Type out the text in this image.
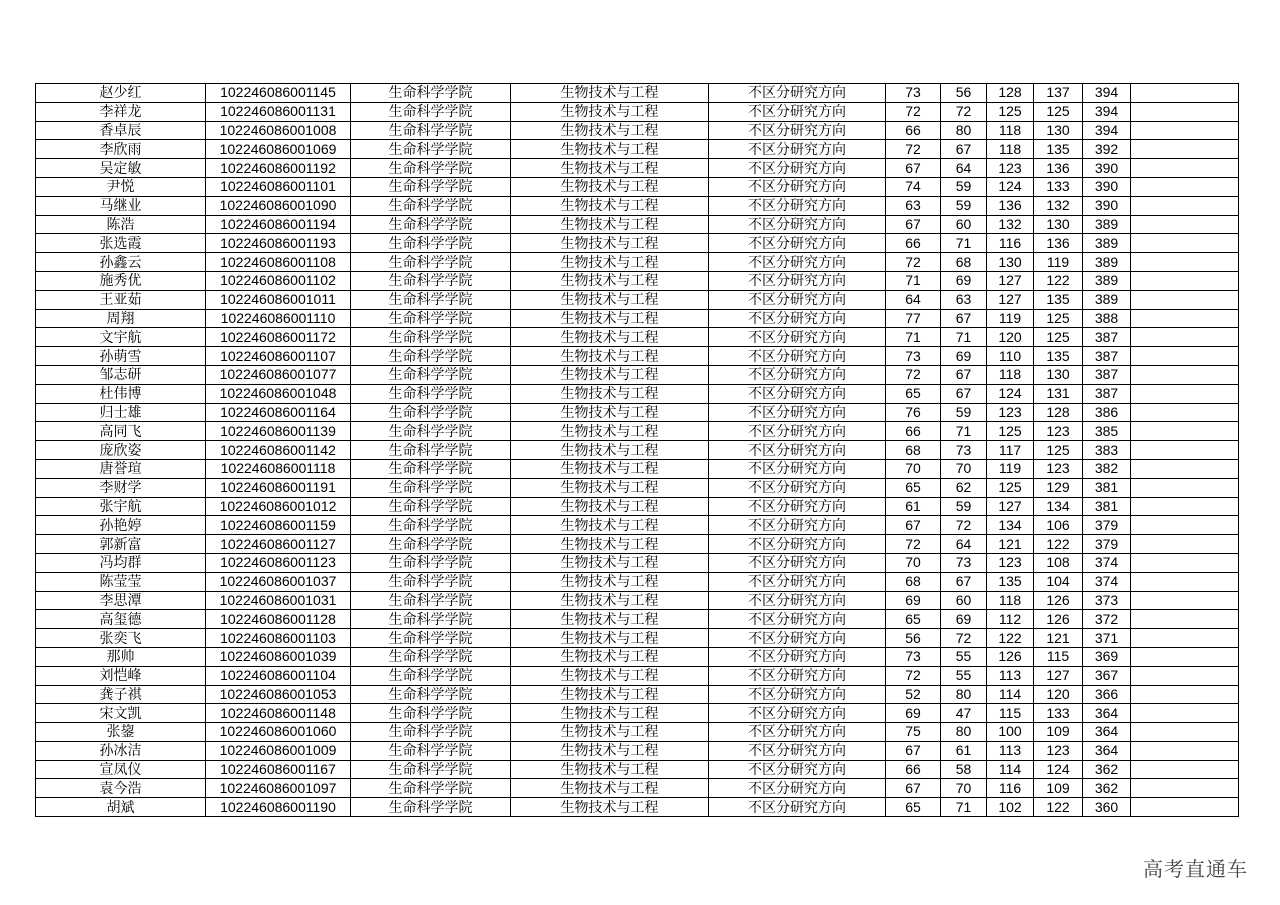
赵少红	102246086001145	生命科学学院	生物技术与工程	不区分研究方向	73	56	128	137	394	
李祥龙	102246086001131	生命科学学院	生物技术与工程	不区分研究方向	72	72	125	125	394	
香卓辰	102246086001008	生命科学学院	生物技术与工程	不区分研究方向	66	80	118	130	394	
李欣雨	102246086001069	生命科学学院	生物技术与工程	不区分研究方向	72	67	118	135	392	
吴定敏	102246086001192	生命科学学院	生物技术与工程	不区分研究方向	67	64	123	136	390	
尹悦	102246086001101	生命科学学院	生物技术与工程	不区分研究方向	74	59	124	133	390	
马继业	102246086001090	生命科学学院	生物技术与工程	不区分研究方向	63	59	136	132	390	
陈浩	102246086001194	生命科学学院	生物技术与工程	不区分研究方向	67	60	132	130	389	
张选霞	102246086001193	生命科学学院	生物技术与工程	不区分研究方向	66	71	116	136	389	
孙鑫云	102246086001108	生命科学学院	生物技术与工程	不区分研究方向	72	68	130	119	389	
施秀优	102246086001102	生命科学学院	生物技术与工程	不区分研究方向	71	69	127	122	389	
王亚茹	102246086001011	生命科学学院	生物技术与工程	不区分研究方向	64	63	127	135	389	
周翔	102246086001110	生命科学学院	生物技术与工程	不区分研究方向	77	67	119	125	388	
文宇航	102246086001172	生命科学学院	生物技术与工程	不区分研究方向	71	71	120	125	387	
孙萌雪	102246086001107	生命科学学院	生物技术与工程	不区分研究方向	73	69	110	135	387	
邹志研	102246086001077	生命科学学院	生物技术与工程	不区分研究方向	72	67	118	130	387	
杜伟博	102246086001048	生命科学学院	生物技术与工程	不区分研究方向	65	67	124	131	387	
归士雄	102246086001164	生命科学学院	生物技术与工程	不区分研究方向	76	59	123	128	386	
高同飞	102246086001139	生命科学学院	生物技术与工程	不区分研究方向	66	71	125	123	385	
庞欣姿	102246086001142	生命科学学院	生物技术与工程	不区分研究方向	68	73	117	125	383	
唐誉瑄	102246086001118	生命科学学院	生物技术与工程	不区分研究方向	70	70	119	123	382	
李财学	102246086001191	生命科学学院	生物技术与工程	不区分研究方向	65	62	125	129	381	
张宇航	102246086001012	生命科学学院	生物技术与工程	不区分研究方向	61	59	127	134	381	
孙艳婷	102246086001159	生命科学学院	生物技术与工程	不区分研究方向	67	72	134	106	379	
郭新富	102246086001127	生命科学学院	生物技术与工程	不区分研究方向	72	64	121	122	379	
冯均群	102246086001123	生命科学学院	生物技术与工程	不区分研究方向	70	73	123	108	374	
陈莹莹	102246086001037	生命科学学院	生物技术与工程	不区分研究方向	68	67	135	104	374	
李思潭	102246086001031	生命科学学院	生物技术与工程	不区分研究方向	69	60	118	126	373	
高玺德	102246086001128	生命科学学院	生物技术与工程	不区分研究方向	65	69	112	126	372	
张奕飞	102246086001103	生命科学学院	生物技术与工程	不区分研究方向	56	72	122	121	371	
那帅	102246086001039	生命科学学院	生物技术与工程	不区分研究方向	73	55	126	115	369	
刘恺峰	102246086001104	生命科学学院	生物技术与工程	不区分研究方向	72	55	113	127	367	
龚子祺	102246086001053	生命科学学院	生物技术与工程	不区分研究方向	52	80	114	120	366	
宋文凯	102246086001148	生命科学学院	生物技术与工程	不区分研究方向	69	47	115	133	364	
张鋆	102246086001060	生命科学学院	生物技术与工程	不区分研究方向	75	80	100	109	364	
孙冰洁	102246086001009	生命科学学院	生物技术与工程	不区分研究方向	67	61	113	123	364	
宣凤仪	102246086001167	生命科学学院	生物技术与工程	不区分研究方向	66	58	114	124	362	
袁今浩	102246086001097	生命科学学院	生物技术与工程	不区分研究方向	67	70	116	109	362	
胡斌	102246086001190	生命科学学院	生物技术与工程	不区分研究方向	65	71	102	122	360	
高考直通车
